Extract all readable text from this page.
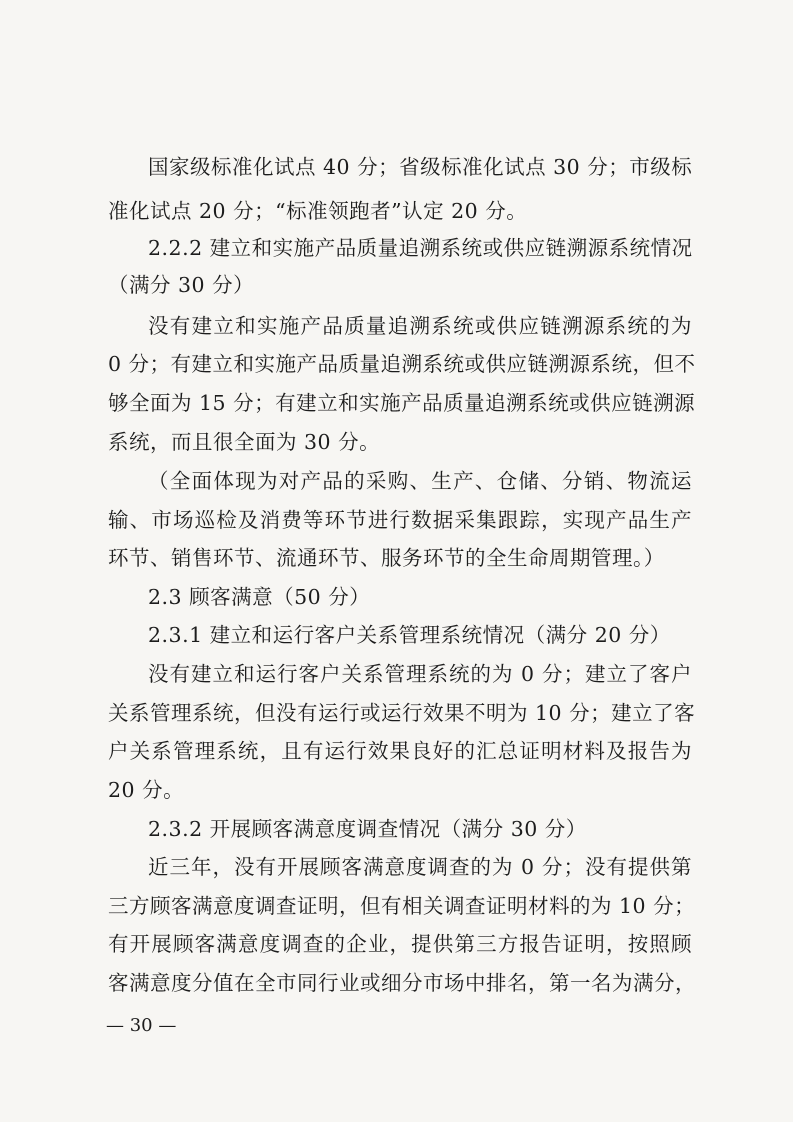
国家级标准化试点 40 分；省级标准化试点 30 分；市级标
准化试点 20 分；“标准领跑者”认定 20 分。
2.2.2 建立和实施产品质量追溯系统或供应链溯源系统情况
（满分 30 分）
没有建立和实施产品质量追溯系统或供应链溯源系统的为
0 分；有建立和实施产品质量追溯系统或供应链溯源系统，但不
够全面为 15 分；有建立和实施产品质量追溯系统或供应链溯源
系统，而且很全面为 30 分。
（全面体现为对产品的采购、生产、仓储、分销、物流运
输、市场巡检及消费等环节进行数据采集跟踪，实现产品生产
环节、销售环节、流通环节、服务环节的全生命周期管理。）
2.3 顾客满意（50 分）
2.3.1 建立和运行客户关系管理系统情况（满分 20 分）
没有建立和运行客户关系管理系统的为 0 分；建立了客户
关系管理系统，但没有运行或运行效果不明为 10 分；建立了客
户关系管理系统，且有运行效果良好的汇总证明材料及报告为
20 分。
2.3.2 开展顾客满意度调查情况（满分 30 分）
近三年，没有开展顾客满意度调查的为 0 分；没有提供第
三方顾客满意度调查证明，但有相关调查证明材料的为 10 分；
有开展顾客满意度调查的企业，提供第三方报告证明，按照顾
客满意度分值在全市同行业或细分市场中排名，第一名为满分，
— 30 —
